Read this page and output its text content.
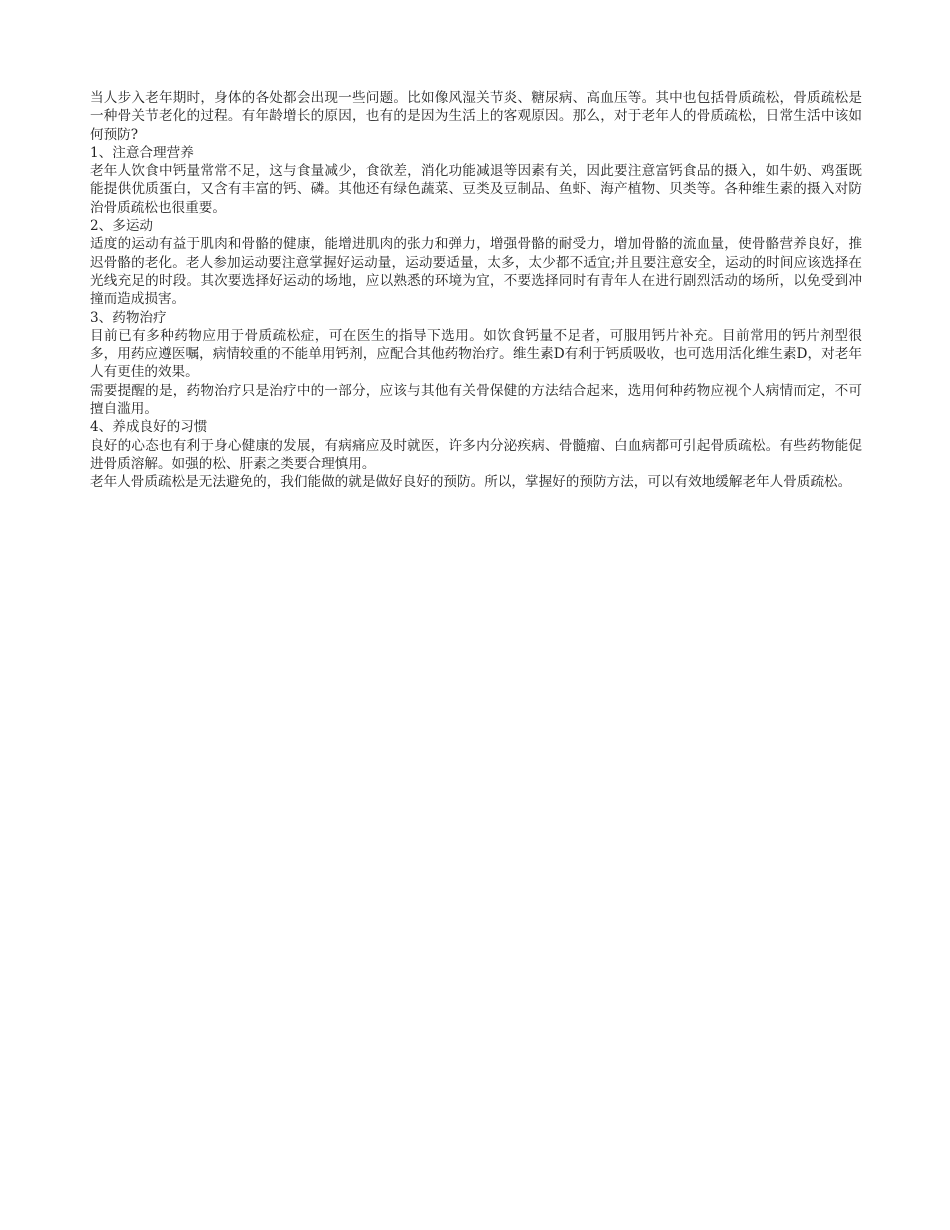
当人步入老年期时，身体的各处都会出现一些问题。比如像风湿关节炎、糖尿病、高血压等。其中也包括骨质疏松，骨质疏松是一种骨关节老化的过程。有年龄增长的原因，也有的是因为生活上的客观原因。那么，对于老年人的骨质疏松，日常生活中该如何预防?

1、注意合理营养

老年人饮食中钙量常常不足，这与食量减少，食欲差，消化功能减退等因素有关，因此要注意富钙食品的摄入，如牛奶、鸡蛋既能提供优质蛋白，又含有丰富的钙、磷。其他还有绿色蔬菜、豆类及豆制品、鱼虾、海产植物、贝类等。各种维生素的摄入对防治骨质疏松也很重要。

2、多运动

适度的运动有益于肌肉和骨骼的健康，能增进肌肉的张力和弹力，增强骨骼的耐受力，增加骨骼的流血量，使骨骼营养良好，推迟骨骼的老化。老人参加运动要注意掌握好运动量，运动要适量，太多，太少都不适宜;并且要注意安全，运动的时间应该选择在光线充足的时段。其次要选择好运动的场地，应以熟悉的环境为宜，不要选择同时有青年人在进行剧烈活动的场所，以免受到冲撞而造成损害。

3、药物治疗

目前已有多种药物应用于骨质疏松症，可在医生的指导下选用。如饮食钙量不足者，可服用钙片补充。目前常用的钙片剂型很多，用药应遵医嘱，病情较重的不能单用钙剂，应配合其他药物治疗。维生素D有利于钙质吸收，也可选用活化维生素D，对老年人有更佳的效果。

需要提醒的是，药物治疗只是治疗中的一部分，应该与其他有关骨保健的方法结合起来，选用何种药物应视个人病情而定，不可擅自滥用。

4、养成良好的习惯

良好的心态也有利于身心健康的发展，有病痛应及时就医，许多内分泌疾病、骨髓瘤、白血病都可引起骨质疏松。有些药物能促进骨质溶解。如强的松、肝素之类要合理慎用。

老年人骨质疏松是无法避免的，我们能做的就是做好良好的预防。所以，掌握好的预防方法，可以有效地缓解老年人骨质疏松。
